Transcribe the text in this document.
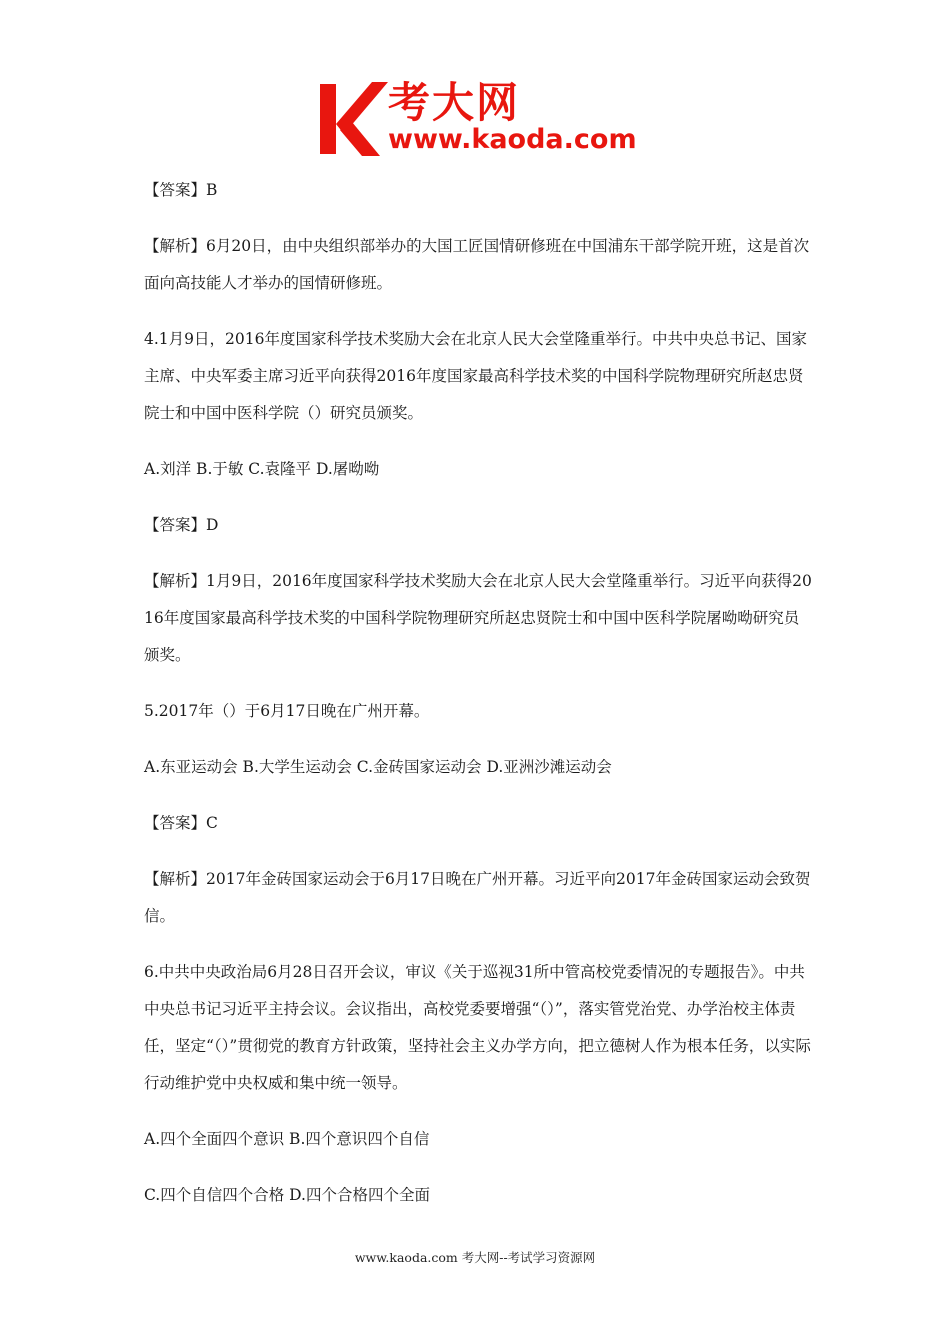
考大网
www.kaoda.com

【答案】B

【解析】6月20日，由中央组织部举办的大国工匠国情研修班在中国浦东干部学院开班，这是首次面向高技能人才举办的国情研修班。

4.1月9日，2016年度国家科学技术奖励大会在北京人民大会堂隆重举行。中共中央总书记、国家主席、中央军委主席习近平向获得2016年度国家最高科学技术奖的中国科学院物理研究所赵忠贤院士和中国中医科学院（）研究员颁奖。

A.刘洋 B.于敏 C.袁隆平 D.屠呦呦

【答案】D

【解析】1月9日，2016年度国家科学技术奖励大会在北京人民大会堂隆重举行。习近平向获得2016年度国家最高科学技术奖的中国科学院物理研究所赵忠贤院士和中国中医科学院屠呦呦研究员颁奖。

5.2017年（）于6月17日晚在广州开幕。

A.东亚运动会 B.大学生运动会 C.金砖国家运动会 D.亚洲沙滩运动会

【答案】C

【解析】2017年金砖国家运动会于6月17日晚在广州开幕。习近平向2017年金砖国家运动会致贺信。

6.中共中央政治局6月28日召开会议，审议《关于巡视31所中管高校党委情况的专题报告》。中共中央总书记习近平主持会议。会议指出，高校党委要增强“（）”，落实管党治党、办学治校主体责任，坚定“（）”贯彻党的教育方针政策，坚持社会主义办学方向，把立德树人作为根本任务，以实际行动维护党中央权威和集中统一领导。

A.四个全面四个意识 B.四个意识四个自信

C.四个自信四个合格 D.四个合格四个全面

www.kaoda.com 考大网--考试学习资源网
